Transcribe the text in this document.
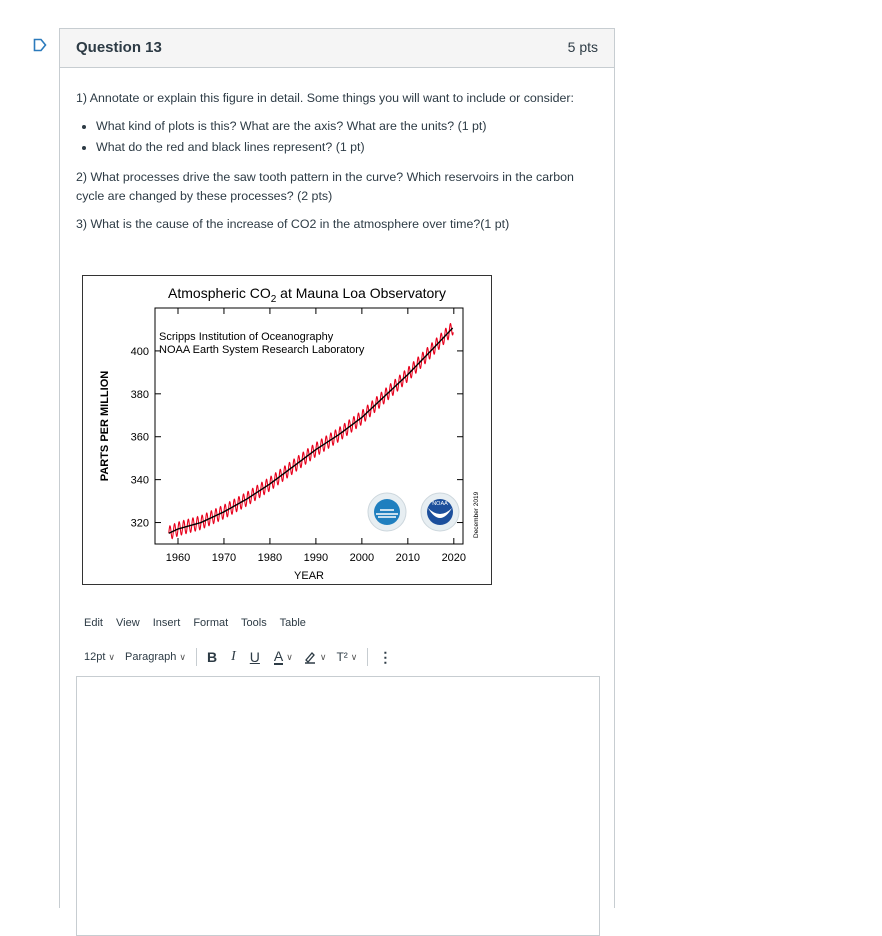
Question 13	5 pts

1) Annotate or explain this figure in detail. Some things you will want to include or consider:

• What kind of plots is this? What are the axis? What are the units? (1 pt)
• What do the red and black lines represent? (1 pt)

2) What processes drive the saw tooth pattern in the curve? Which reservoirs in the carbon cycle are changed by these processes? (2 pts)

3) What is the cause of the increase of CO2 in the atmosphere over time?(1 pt)

Atmospheric $CO_2$ at Mauna Loa Observatory
Scripps Institution of Oceanography
NOAA Earth System Research Laboratory
PARTS PER MILLION
YEAR
December 2019
NOAA
1960 1970 1980 1990 2000 2010 2020
320
340
360
380
400
Edit View Insert Format Tools Table
12pt ∨ Paragraph ∨ B I U A ∨	∨ T² ∨ ⋮
